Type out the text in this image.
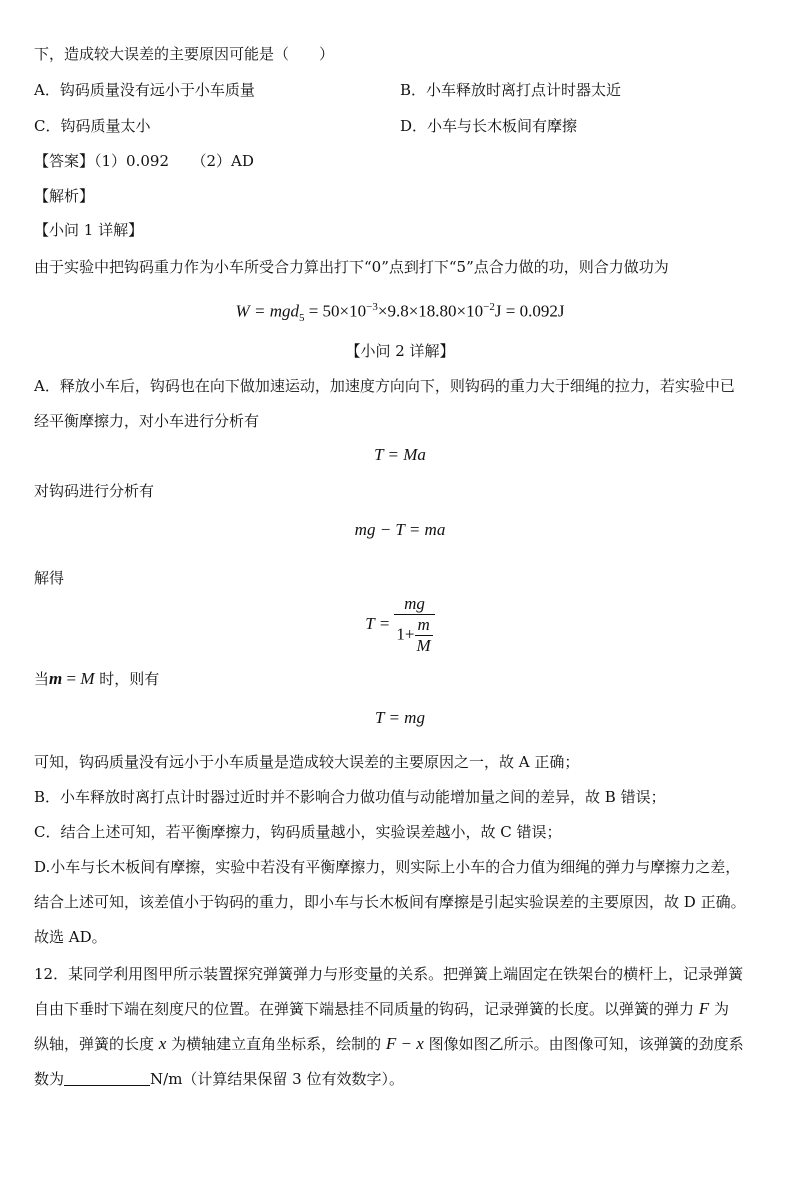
下，造成较大误差的主要原因可能是（　　）
A．钩码质量没有远小于小车质量	B．小车释放时离打点计时器太近
C．钩码质量太小	D．小车与长木板间有摩擦
【答案】（1）0.092　　（2）AD
【解析】
【小问 1 详解】
由于实验中把钩码重力作为小车所受合力算出打下“0”点到打下“5”点合力做的功，则合力做功为
$W = mgd_5 = 50\times 10^{-3}\times 9.8\times 18.80\times 10^{-2}J = 0.092J$
【小问 2 详解】
A．释放小车后，钩码也在向下做加速运动，加速度方向向下，则钩码的重力大于细绳的拉力，若实验中已
经平衡摩擦力，对小车进行分析有
T = Ma
对钩码进行分析有
mg − T = ma
解得
$T = \frac{mg}{1+ \frac{m}{M}}$
当m = M 时，则有
T = mg
可知，钩码质量没有远小于小车质量是造成较大误差的主要原因之一，故 A 正确；
B．小车释放时离打点计时器过近时并不影响合力做功值与动能增加量之间的差异，故 B 错误；
C．结合上述可知，若平衡摩擦力，钩码质量越小，实验误差越小，故 C 错误；
D.小车与长木板间有摩擦，实验中若没有平衡摩擦力，则实际上小车的合力值为细绳的弹力与摩擦力之差，
结合上述可知，该差值小于钩码的重力，即小车与长木板间有摩擦是引起实验误差的主要原因，故 D 正确。
故选 AD。
12．某同学利用图甲所示装置探究弹簧弹力与形变量的关系。把弹簧上端固定在铁架台的横杆上，记录弹簧
自由下垂时下端在刻度尺的位置。在弹簧下端悬挂不同质量的钩码，记录弹簧的长度。以弹簧的弹力 F 为
纵轴，弹簧的长度 x 为横轴建立直角坐标系，绘制的 F − x 图像如图乙所示。由图像可知，该弹簧的劲度系
数为	N/m（计算结果保留 3 位有效数字）。
